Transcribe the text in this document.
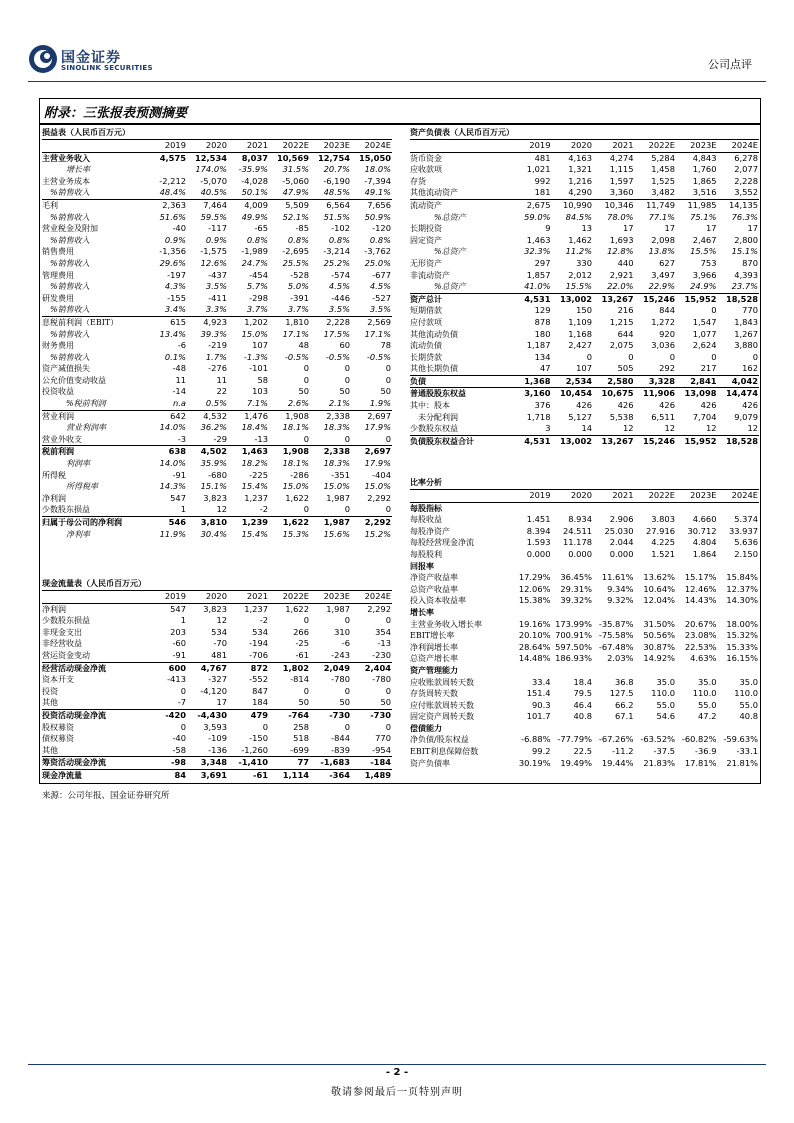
国金证券
SINOLINK SECURITIES	公司点评
附录：三张报表预测摘要
损益表（人民币百万元）
	2019	2020	2021	2022E	2023E	2024E
主营业务收入	4,575	12,534	8,037	10,569	12,754	15,050
增长率		174.0%	-35.9%	31.5%	20.7%	18.0%
主营业务成本	-2,212	-5,070	-4,028	-5,060	-6,190	-7,394
%销售收入	48.4%	40.5%	50.1%	47.9%	48.5%	49.1%
毛利	2,363	7,464	4,009	5,509	6,564	7,656
%销售收入	51.6%	59.5%	49.9%	52.1%	51.5%	50.9%
营业税金及附加	-40	-117	-65	-85	-102	-120
%销售收入	0.9%	0.9%	0.8%	0.8%	0.8%	0.8%
销售费用	-1,356	-1,575	-1,989	-2,695	-3,214	-3,762
%销售收入	29.6%	12.6%	24.7%	25.5%	25.2%	25.0%
管理费用	-197	-437	-454	-528	-574	-677
%销售收入	4.3%	3.5%	5.7%	5.0%	4.5%	4.5%
研发费用	-155	-411	-298	-391	-446	-527
%销售收入	3.4%	3.3%	3.7%	3.7%	3.5%	3.5%
息税前利润（EBIT）	615	4,923	1,202	1,810	2,228	2,569
%销售收入	13.4%	39.3%	15.0%	17.1%	17.5%	17.1%
财务费用	-6	-219	107	48	60	78
%销售收入	0.1%	1.7%	-1.3%	-0.5%	-0.5%	-0.5%
资产减值损失	-48	-276	-101	0	0	0
公允价值变动收益	11	11	58	0	0	0
投资收益	-14	22	103	50	50	50
%税前利润	n.a	0.5%	7.1%	2.6%	2.1%	1.9%
营业利润	642	4,532	1,476	1,908	2,338	2,697
营业利润率	14.0%	36.2%	18.4%	18.1%	18.3%	17.9%
营业外收支	-3	-29	-13	0	0	0
税前利润	638	4,502	1,463	1,908	2,338	2,697
利润率	14.0%	35.9%	18.2%	18.1%	18.3%	17.9%
所得税	-91	-680	-225	-286	-351	-404
所得税率	14.3%	15.1%	15.4%	15.0%	15.0%	15.0%
净利润	547	3,823	1,237	1,622	1,987	2,292
少数股东损益	1	12	-2	0	0	0
归属于母公司的净利润	546	3,810	1,239	1,622	1,987	2,292
净利率	11.9%	30.4%	15.4%	15.3%	15.6%	15.2%
现金流量表（人民币百万元）
	2019	2020	2021	2022E	2023E	2024E
净利润	547	3,823	1,237	1,622	1,987	2,292
少数股东损益	1	12	-2	0	0	0
非现金支出	203	534	534	266	310	354
非经营收益	-60	-70	-194	-25	-6	-13
营运资金变动	-91	481	-706	-61	-243	-230
经营活动现金净流	600	4,767	872	1,802	2,049	2,404
资本开支	-413	-327	-552	-814	-780	-780
投资	0	-4,120	847	0	0	0
其他	-7	17	184	50	50	50
投资活动现金净流	-420	-4,430	479	-764	-730	-730
股权募资	0	3,593	0	258	0	0
债权募资	-40	-109	-150	518	-844	770
其他	-58	-136	-1,260	-699	-839	-954
筹资活动现金净流	-98	3,348	-1,410	77	-1,683	-184
现金净流量	84	3,691	-61	1,114	-364	1,489
资产负债表（人民币百万元）
	2019	2020	2021	2022E	2023E	2024E
货币资金	481	4,163	4,274	5,284	4,843	6,278
应收款项	1,021	1,321	1,115	1,458	1,760	2,077
存货	992	1,216	1,597	1,525	1,865	2,228
其他流动资产	181	4,290	3,360	3,482	3,516	3,552
流动资产	2,675	10,990	10,346	11,749	11,985	14,135
%总资产	59.0%	84.5%	78.0%	77.1%	75.1%	76.3%
长期投资	9	13	17	17	17	17
固定资产	1,463	1,462	1,693	2,098	2,467	2,800
%总资产	32.3%	11.2%	12.8%	13.8%	15.5%	15.1%
无形资产	297	330	440	627	753	870
非流动资产	1,857	2,012	2,921	3,497	3,966	4,393
%总资产	41.0%	15.5%	22.0%	22.9%	24.9%	23.7%
资产总计	4,531	13,002	13,267	15,246	15,952	18,528
短期借款	129	150	216	844	0	770
应付款项	878	1,109	1,215	1,272	1,547	1,843
其他流动负债	180	1,168	644	920	1,077	1,267
流动负债	1,187	2,427	2,075	3,036	2,624	3,880
长期贷款	134	0	0	0	0	0
其他长期负债	47	107	505	292	217	162
负债	1,368	2,534	2,580	3,328	2,841	4,042
普通股股东权益	3,160	10,454	10,675	11,906	13,098	14,474
其中：股本	376	426	426	426	426	426
未分配利润	1,718	5,127	5,538	6,511	7,704	9,079
少数股东权益	3	14	12	12	12	12
负债股东权益合计	4,531	13,002	13,267	15,246	15,952	18,528
比率分析
	2019	2020	2021	2022E	2023E	2024E
每股指标						
每股收益	1.451	8.934	2.906	3.803	4.660	5.374
每股净资产	8.394	24.511	25.030	27.916	30.712	33.937
每股经营现金净流	1.593	11.178	2.044	4.225	4.804	5.636
每股股利	0.000	0.000	0.000	1.521	1.864	2.150
回报率						
净资产收益率	17.29%	36.45%	11.61%	13.62%	15.17%	15.84%
总资产收益率	12.06%	29.31%	9.34%	10.64%	12.46%	12.37%
投入资本收益率	15.38%	39.32%	9.32%	12.04%	14.43%	14.30%
增长率						
主营业务收入增长率	19.16%	173.99%	-35.87%	31.50%	20.67%	18.00%
EBIT增长率	20.10%	700.91%	-75.58%	50.56%	23.08%	15.32%
净利润增长率	28.64%	597.50%	-67.48%	30.87%	22.53%	15.33%
总资产增长率	14.48%	186.93%	2.03%	14.92%	4.63%	16.15%
资产管理能力						
应收账款周转天数	33.4	18.4	36.8	35.0	35.0	35.0
存货周转天数	151.4	79.5	127.5	110.0	110.0	110.0
应付账款周转天数	90.3	46.4	66.2	55.0	55.0	55.0
固定资产周转天数	101.7	40.8	67.1	54.6	47.2	40.8
偿债能力						
净负债/股东权益	-6.88%	-77.79%	-67.26%	-63.52%	-60.82%	-59.63%
EBIT利息保障倍数	99.2	22.5	-11.2	-37.5	-36.9	-33.1
资产负债率	30.19%	19.49%	19.44%	21.83%	17.81%	21.81%
来源：公司年报、国金证券研究所
- 2 -
敬请参阅最后一页特别声明
